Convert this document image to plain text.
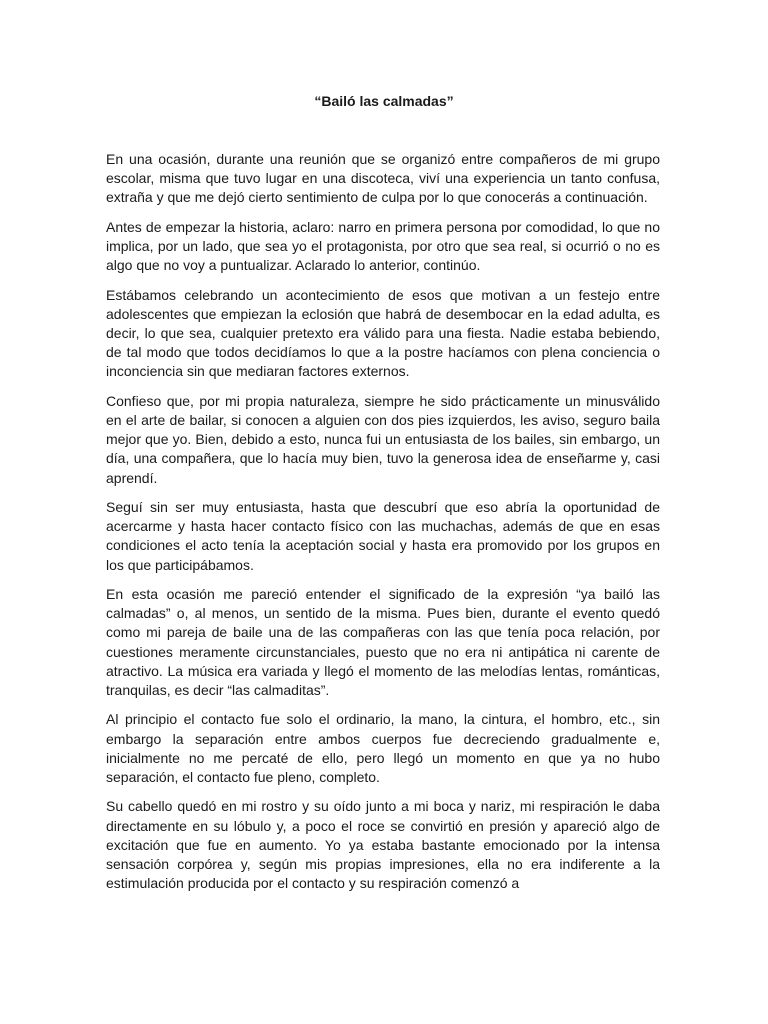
“Bailó las calmadas”

En una ocasión, durante una reunión que se organizó entre compañeros de mi grupo escolar, misma que tuvo lugar en una discoteca, viví una experiencia un tanto confusa, extraña y que me dejó cierto sentimiento de culpa por lo que conocerás a continuación.

Antes de empezar la historia, aclaro: narro en primera persona por comodidad, lo que no implica, por un lado, que sea yo el protagonista, por otro que sea real, si ocurrió o no es algo que no voy a puntualizar. Aclarado lo anterior, continúo.

Estábamos celebrando un acontecimiento de esos que motivan a un festejo entre adolescentes que empiezan la eclosión que habrá de desembocar en la edad adulta, es decir, lo que sea, cualquier pretexto era válido para una fiesta. Nadie estaba bebiendo, de tal modo que todos decidíamos lo que a la postre hacíamos con plena conciencia o inconciencia sin que mediaran factores externos.

Confieso que, por mi propia naturaleza, siempre he sido prácticamente un minusválido en el arte de bailar, si conocen a alguien con dos pies izquierdos, les aviso, seguro baila mejor que yo. Bien, debido a esto, nunca fui un entusiasta de los bailes, sin embargo, un día, una compañera, que lo hacía muy bien, tuvo la generosa idea de enseñarme y, casi aprendí.

Seguí sin ser muy entusiasta, hasta que descubrí que eso abría la oportunidad de acercarme y hasta hacer contacto físico con las muchachas, además de que en esas condiciones el acto tenía la aceptación social y hasta era promovido por los grupos en los que participábamos.

En esta ocasión me pareció entender el significado de la expresión “ya bailó las calmadas” o, al menos, un sentido de la misma. Pues bien, durante el evento quedó como mi pareja de baile una de las compañeras con las que tenía poca relación, por cuestiones meramente circunstanciales, puesto que no era ni antipática ni carente de atractivo. La música era variada y llegó el momento de las melodías lentas, románticas, tranquilas, es decir “las calmaditas”.

Al principio el contacto fue solo el ordinario, la mano, la cintura, el hombro, etc., sin embargo la separación entre ambos cuerpos fue decreciendo gradualmente e, inicialmente no me percaté de ello, pero llegó un momento en que ya no hubo separación, el contacto fue pleno, completo.

Su cabello quedó en mi rostro y su oído junto a mi boca y nariz, mi respiración le daba directamente en su lóbulo y, a poco el roce se convirtió en presión y apareció algo de excitación que fue en aumento. Yo ya estaba bastante emocionado por la intensa sensación corpórea y, según mis propias impresiones, ella no era indiferente a la estimulación producida por el contacto y su respiración comenzó a
